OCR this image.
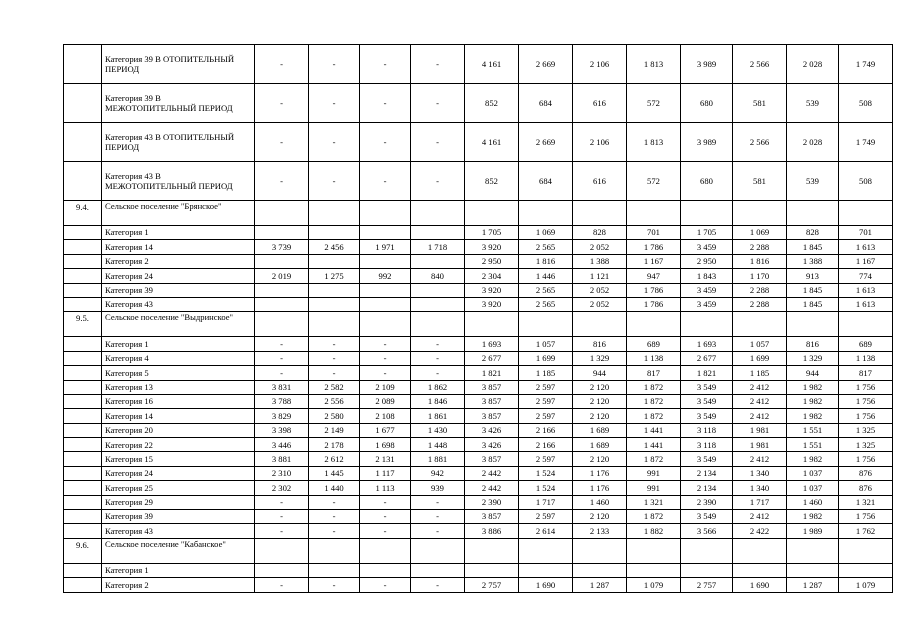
	Категория 39 В ОТОПИТЕЛЬНЫЙ ПЕРИОД	-	-	-	-	4 161	2 669	2 106	1 813	3 989	2 566	2 028	1 749
	Категория 39 В МЕЖОТОПИТЕЛЬНЫЙ ПЕРИОД	-	-	-	-	852	684	616	572	680	581	539	508
	Категория 43 В ОТОПИТЕЛЬНЫЙ ПЕРИОД	-	-	-	-	4 161	2 669	2 106	1 813	3 989	2 566	2 028	1 749
	Категория 43 В МЕЖОТОПИТЕЛЬНЫЙ ПЕРИОД	-	-	-	-	852	684	616	572	680	581	539	508
9.4.	Сельское поселение "Брянское"												
	Категория 1					1 705	1 069	828	701	1 705	1 069	828	701
	Категория 14	3 739	2 456	1 971	1 718	3 920	2 565	2 052	1 786	3 459	2 288	1 845	1 613
	Категория 2					2 950	1 816	1 388	1 167	2 950	1 816	1 388	1 167
	Категория 24	2 019	1 275	992	840	2 304	1 446	1 121	947	1 843	1 170	913	774
	Категория 39					3 920	2 565	2 052	1 786	3 459	2 288	1 845	1 613
	Категория 43					3 920	2 565	2 052	1 786	3 459	2 288	1 845	1 613
9.5.	Сельское поселение "Выдринское"												
	Категория 1	-	-	-	-	1 693	1 057	816	689	1 693	1 057	816	689
	Категория 4	-	-	-	-	2 677	1 699	1 329	1 138	2 677	1 699	1 329	1 138
	Категория 5	-	-	-	-	1 821	1 185	944	817	1 821	1 185	944	817
	Категория 13	3 831	2 582	2 109	1 862	3 857	2 597	2 120	1 872	3 549	2 412	1 982	1 756
	Категория 16	3 788	2 556	2 089	1 846	3 857	2 597	2 120	1 872	3 549	2 412	1 982	1 756
	Категория 14	3 829	2 580	2 108	1 861	3 857	2 597	2 120	1 872	3 549	2 412	1 982	1 756
	Категория 20	3 398	2 149	1 677	1 430	3 426	2 166	1 689	1 441	3 118	1 981	1 551	1 325
	Категория 22	3 446	2 178	1 698	1 448	3 426	2 166	1 689	1 441	3 118	1 981	1 551	1 325
	Категория 15	3 881	2 612	2 131	1 881	3 857	2 597	2 120	1 872	3 549	2 412	1 982	1 756
	Категория 24	2 310	1 445	1 117	942	2 442	1 524	1 176	991	2 134	1 340	1 037	876
	Категория 25	2 302	1 440	1 113	939	2 442	1 524	1 176	991	2 134	1 340	1 037	876
	Категория 29	-	-	-	-	2 390	1 717	1 460	1 321	2 390	1 717	1 460	1 321
	Категория 39	-	-	-	-	3 857	2 597	2 120	1 872	3 549	2 412	1 982	1 756
	Категория 43	-	-	-	-	3 886	2 614	2 133	1 882	3 566	2 422	1 989	1 762
9.6.	Сельское поселение "Кабанское"												
	Категория 1												
	Категория 2	-	-	-	-	2 757	1 690	1 287	1 079	2 757	1 690	1 287	1 079
